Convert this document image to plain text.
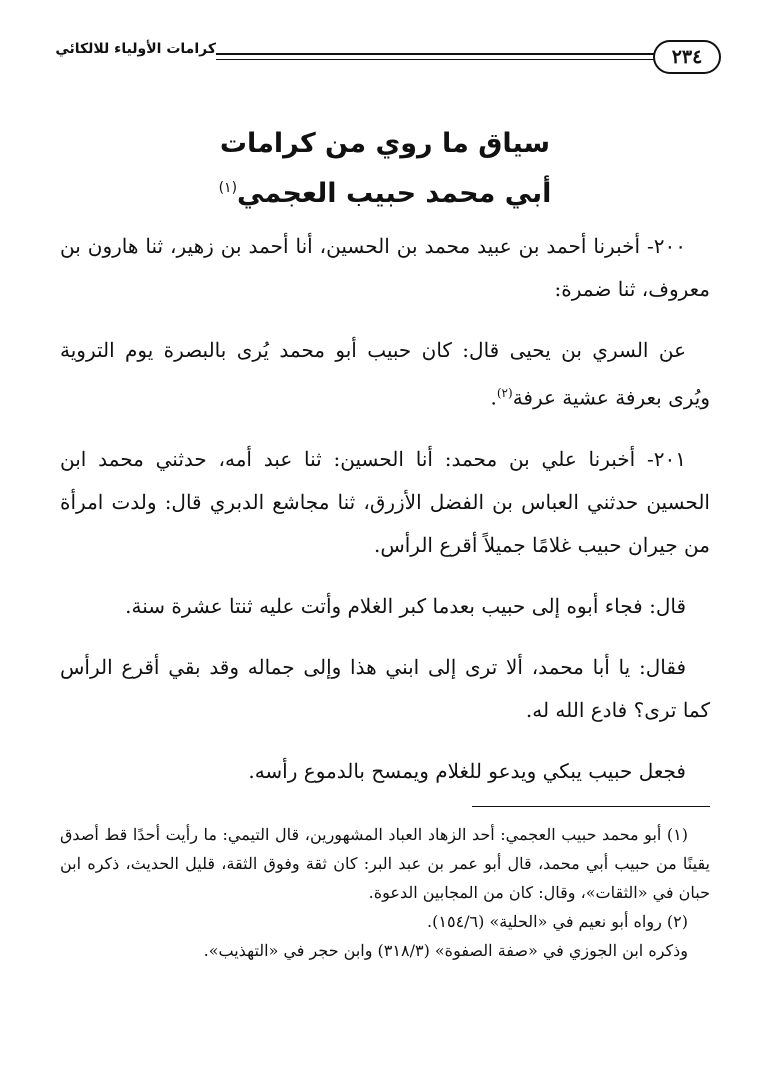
٢٣٤
كرامات الأولياء للالكائي
سياق ما روي من كرامات
أبي محمد حبيب العجمي$^{(١)}$

٢٠٠- أخبرنا أحمد بن عبيد محمد بن الحسين، أنا أحمد بن زهير، ثنا هارون بن معروف، ثنا ضمرة:

عن السري بن يحيى قال: كان حبيب أبو محمد يُرى بالبصرة يوم التروية ويُرى بعرفة عشية عرفة$^{(٢)}$.

٢٠١- أخبرنا علي بن محمد: أنا الحسين: ثنا عبد أمه، حدثني محمد ابن الحسين حدثني العباس بن الفضل الأزرق، ثنا مجاشع الدبري قال: ولدت امرأة من جيران حبيب غلامًا جميلاً أقرع الرأس.

قال: فجاء أبوه إلى حبيب بعدما كبر الغلام وأتت عليه ثنتا عشرة سنة.

فقال: يا أبا محمد، ألا ترى إلى ابني هذا وإلى جماله وقد بقي أقرع الرأس كما ترى؟ فادع الله له.

فجعل حبيب يبكي ويدعو للغلام ويمسح بالدموع رأسه.

(١) أبو محمد حبيب العجمي: أحد الزهاد العباد المشهورين، قال التيمي: ما رأيت أحدًا قط أصدق يقينًا من حبيب أبي محمد، قال أبو عمر بن عبد البر: كان ثقة وفوق الثقة، قليل الحديث، ذكره ابن حبان في «الثقات»، وقال: كان من المجابين الدعوة.

(٢) رواه أبو نعيم في «الحلية» (١٥٤/٦).

وذكره ابن الجوزي في «صفة الصفوة» (٣١٨/٣) وابن حجر في «التهذيب».
